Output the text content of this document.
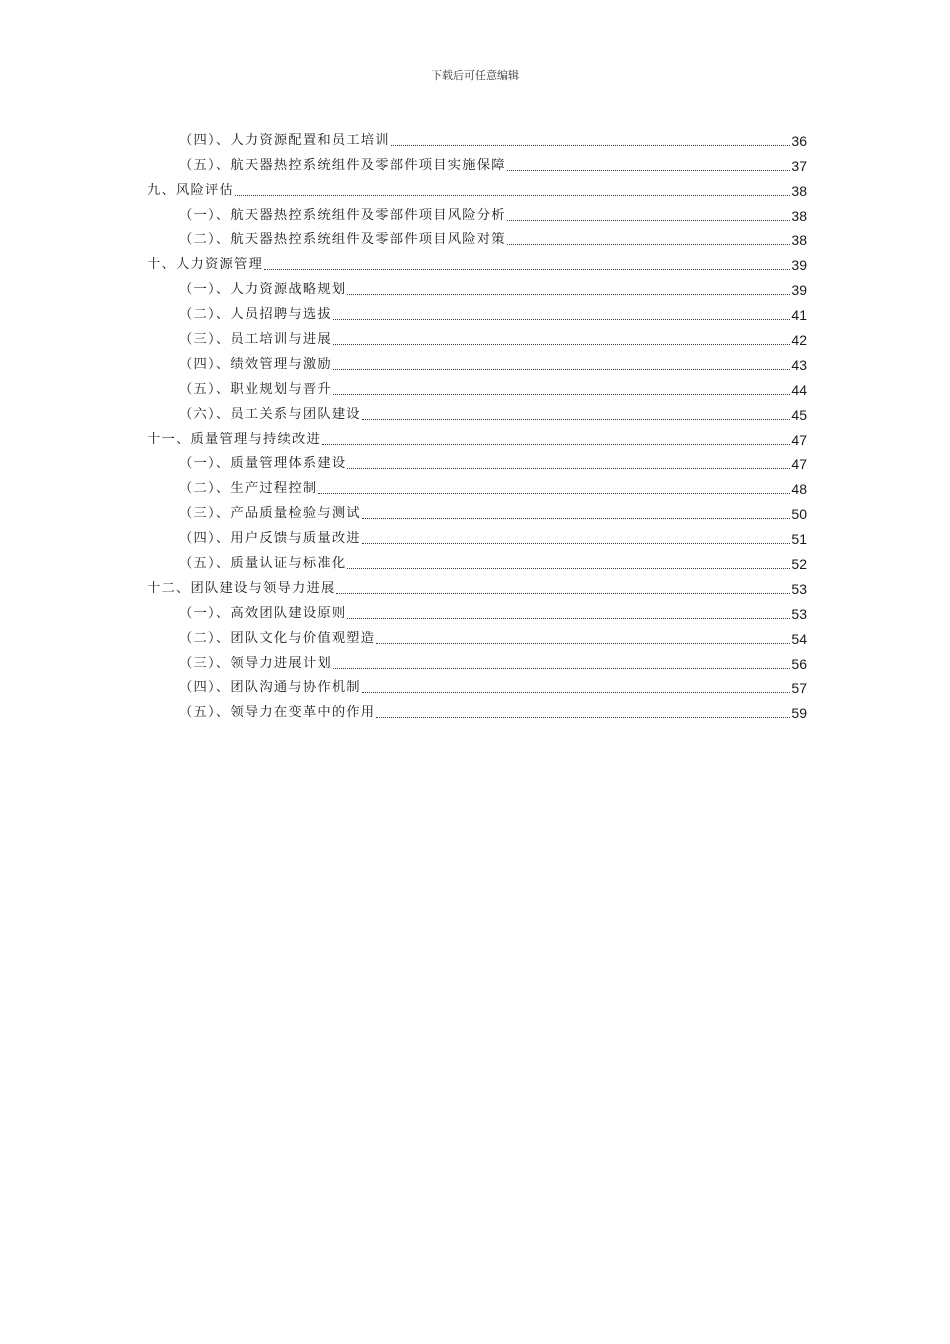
下载后可任意编辑
（四）、人力资源配置和员工培训	36
（五）、航天器热控系统组件及零部件项目实施保障	37
九、风险评估	38
（一）、航天器热控系统组件及零部件项目风险分析	38
（二）、航天器热控系统组件及零部件项目风险对策	38
十、人力资源管理	39
（一）、人力资源战略规划	39
（二）、人员招聘与选拔	41
（三）、员工培训与进展	42
（四）、绩效管理与激励	43
（五）、职业规划与晋升	44
（六）、员工关系与团队建设	45
十一、质量管理与持续改进	47
（一）、质量管理体系建设	47
（二）、生产过程控制	48
（三）、产品质量检验与测试	50
（四）、用户反馈与质量改进	51
（五）、质量认证与标准化	52
十二、团队建设与领导力进展	53
（一）、高效团队建设原则	53
（二）、团队文化与价值观塑造	54
（三）、领导力进展计划	56
（四）、团队沟通与协作机制	57
（五）、领导力在变革中的作用	59
